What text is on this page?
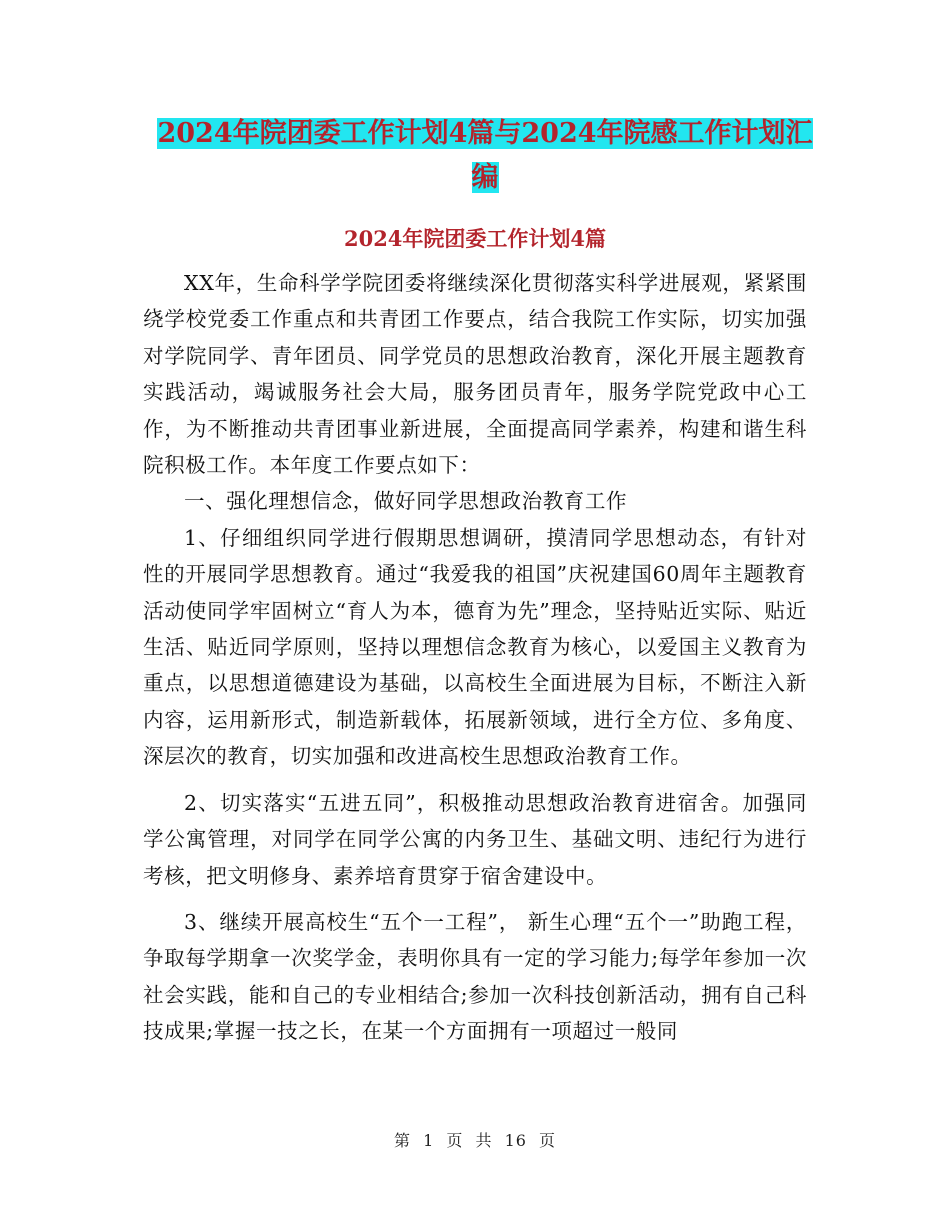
2024年院团委工作计划4篇与2024年院感工作计划汇
编
2024年院团委工作计划4篇

XX年，生命科学学院团委将继续深化贯彻落实科学进展观，紧紧围绕学校党委工作重点和共青团工作要点，结合我院工作实际，切实加强对学院同学、青年团员、同学党员的思想政治教育，深化开展主题教育实践活动，竭诚服务社会大局，服务团员青年，服务学院党政中心工作，为不断推动共青团事业新进展，全面提高同学素养，构建和谐生科院积极工作。本年度工作要点如下：

一、强化理想信念，做好同学思想政治教育工作

1、仔细组织同学进行假期思想调研，摸清同学思想动态，有针对性的开展同学思想教育。通过“我爱我的祖国”庆祝建国60周年主题教育活动使同学牢固树立“育人为本，德育为先”理念，坚持贴近实际、贴近生活、贴近同学原则，坚持以理想信念教育为核心，以爱国主义教育为重点，以思想道德建设为基础，以高校生全面进展为目标，不断注入新内容，运用新形式，制造新载体，拓展新领域，进行全方位、多角度、深层次的教育，切实加强和改进高校生思想政治教育工作。

2、切实落实“五进五同”，积极推动思想政治教育进宿舍。加强同学公寓管理，对同学在同学公寓的内务卫生、基础文明、违纪行为进行考核，把文明修身、素养培育贯穿于宿舍建设中。

3、继续开展高校生“五个一工程”， 新生心理“五个一”助跑工程，争取每学期拿一次奖学金，表明你具有一定的学习能力;每学年参加一次社会实践，能和自己的专业相结合;参加一次科技创新活动，拥有自己科技成果;掌握一技之长，在某一个方面拥有一项超过一般同

第 1 页 共 16 页
